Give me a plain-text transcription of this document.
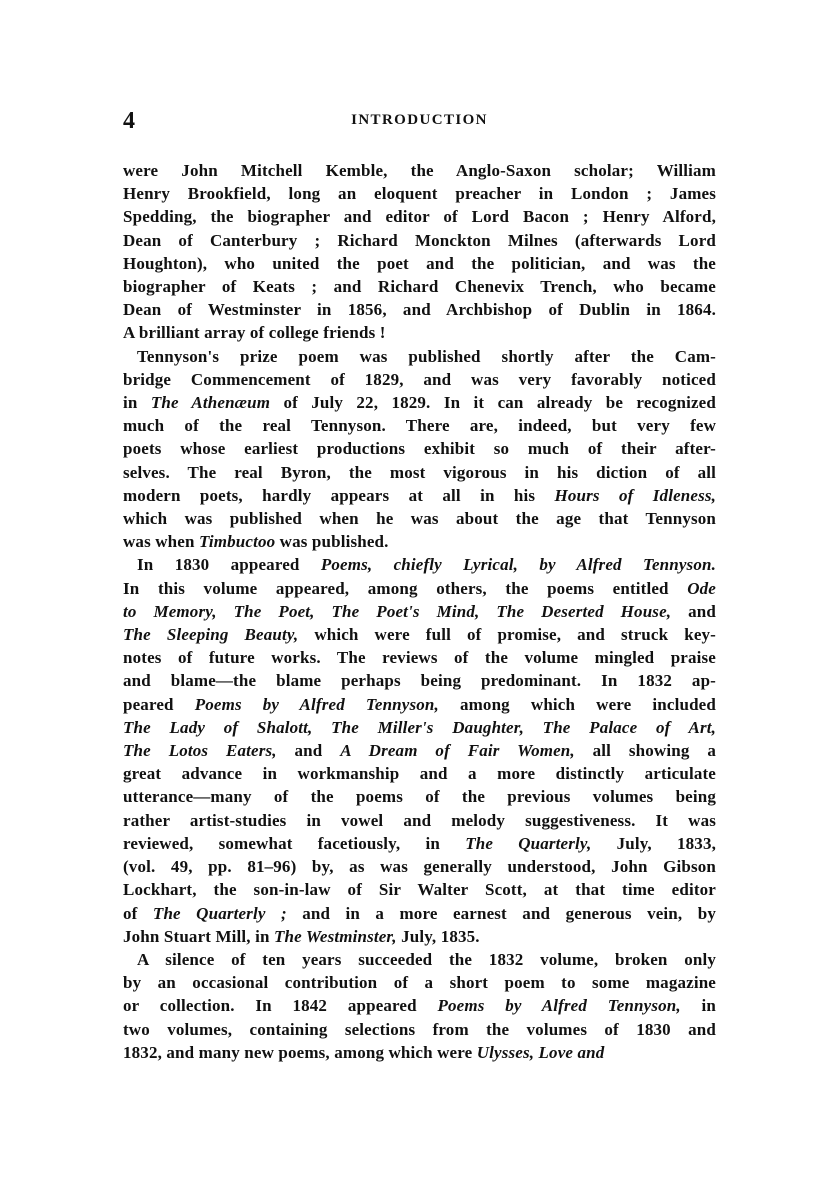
4	INTRODUCTION
were John Mitchell Kemble, the Anglo-Saxon scholar; William
Henry Brookfield, long an eloquent preacher in London ; James
Spedding, the biographer and editor of Lord Bacon ; Henry Alford,
Dean of Canterbury ; Richard Monckton Milnes (afterwards Lord
Houghton), who united the poet and the politician, and was the
biographer of Keats ; and Richard Chenevix Trench, who became
Dean of Westminster in 1856, and Archbishop of Dublin in 1864.
A brilliant array of college friends !
Tennyson's prize poem was published shortly after the Cam-
bridge Commencement of 1829, and was very favorably noticed
in The Athenæum of July 22, 1829. In it can already be recognized
much of the real Tennyson. There are, indeed, but very few
poets whose earliest productions exhibit so much of their after-
selves. The real Byron, the most vigorous in his diction of all
modern poets, hardly appears at all in his Hours of Idleness,
which was published when he was about the age that Tennyson
was when Timbuctoo was published.
In 1830 appeared Poems, chiefly Lyrical, by Alfred Tennyson.
In this volume appeared, among others, the poems entitled Ode
to Memory, The Poet, The Poet's Mind, The Deserted House, and
The Sleeping Beauty, which were full of promise, and struck key-
notes of future works. The reviews of the volume mingled praise
and blame—the blame perhaps being predominant. In 1832 ap-
peared Poems by Alfred Tennyson, among which were included
The Lady of Shalott, The Miller's Daughter, The Palace of Art,
The Lotos Eaters, and A Dream of Fair Women, all showing a
great advance in workmanship and a more distinctly articulate
utterance—many of the poems of the previous volumes being
rather artist-studies in vowel and melody suggestiveness. It was
reviewed, somewhat facetiously, in The Quarterly, July, 1833,
(vol. 49, pp. 81–96) by, as was generally understood, John Gibson
Lockhart, the son-in-law of Sir Walter Scott, at that time editor
of The Quarterly ; and in a more earnest and generous vein, by
John Stuart Mill, in The Westminster, July, 1835.
A silence of ten years succeeded the 1832 volume, broken only
by an occasional contribution of a short poem to some magazine
or collection. In 1842 appeared Poems by Alfred Tennyson, in
two volumes, containing selections from the volumes of 1830 and
1832, and many new poems, among which were Ulysses, Love and
